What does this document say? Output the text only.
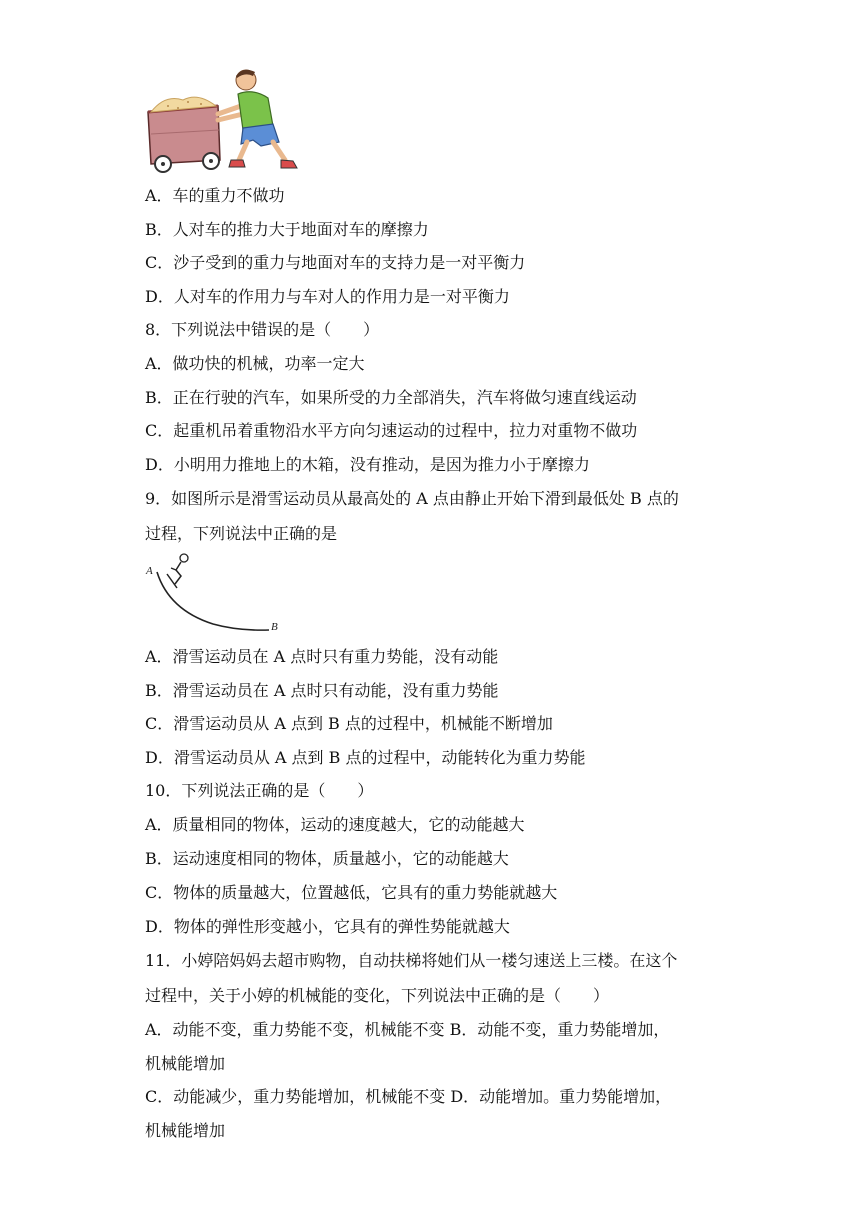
A．车的重力不做功
B．人对车的推力大于地面对车的摩擦力
C．沙子受到的重力与地面对车的支持力是一对平衡力
D．人对车的作用力与车对人的作用力是一对平衡力
8．下列说法中错误的是（　　）
A．做功快的机械，功率一定大
B．正在行驶的汽车，如果所受的力全部消失，汽车将做匀速直线运动
C．起重机吊着重物沿水平方向匀速运动的过程中，拉力对重物不做功
D．小明用力推地上的木箱，没有推动，是因为推力小于摩擦力
9．如图所示是滑雪运动员从最高处的 A 点由静止开始下滑到最低处 B 点的
过程，下列说法中正确的是
A
B
A．滑雪运动员在 A 点时只有重力势能，没有动能
B．滑雪运动员在 A 点时只有动能，没有重力势能
C．滑雪运动员从 A 点到 B 点的过程中，机械能不断增加
D．滑雪运动员从 A 点到 B 点的过程中，动能转化为重力势能
10．下列说法正确的是（　　）
A．质量相同的物体，运动的速度越大，它的动能越大
B．运动速度相同的物体，质量越小，它的动能越大
C．物体的质量越大，位置越低，它具有的重力势能就越大
D．物体的弹性形变越小，它具有的弹性势能就越大
11．小婷陪妈妈去超市购物，自动扶梯将她们从一楼匀速送上三楼。在这个
过程中，关于小婷的机械能的变化，下列说法中正确的是（　　）
A．动能不变，重力势能不变，机械能不变 B．动能不变，重力势能增加，
机械能增加
C．动能减少，重力势能增加，机械能不变 D．动能增加。重力势能增加，
机械能增加
